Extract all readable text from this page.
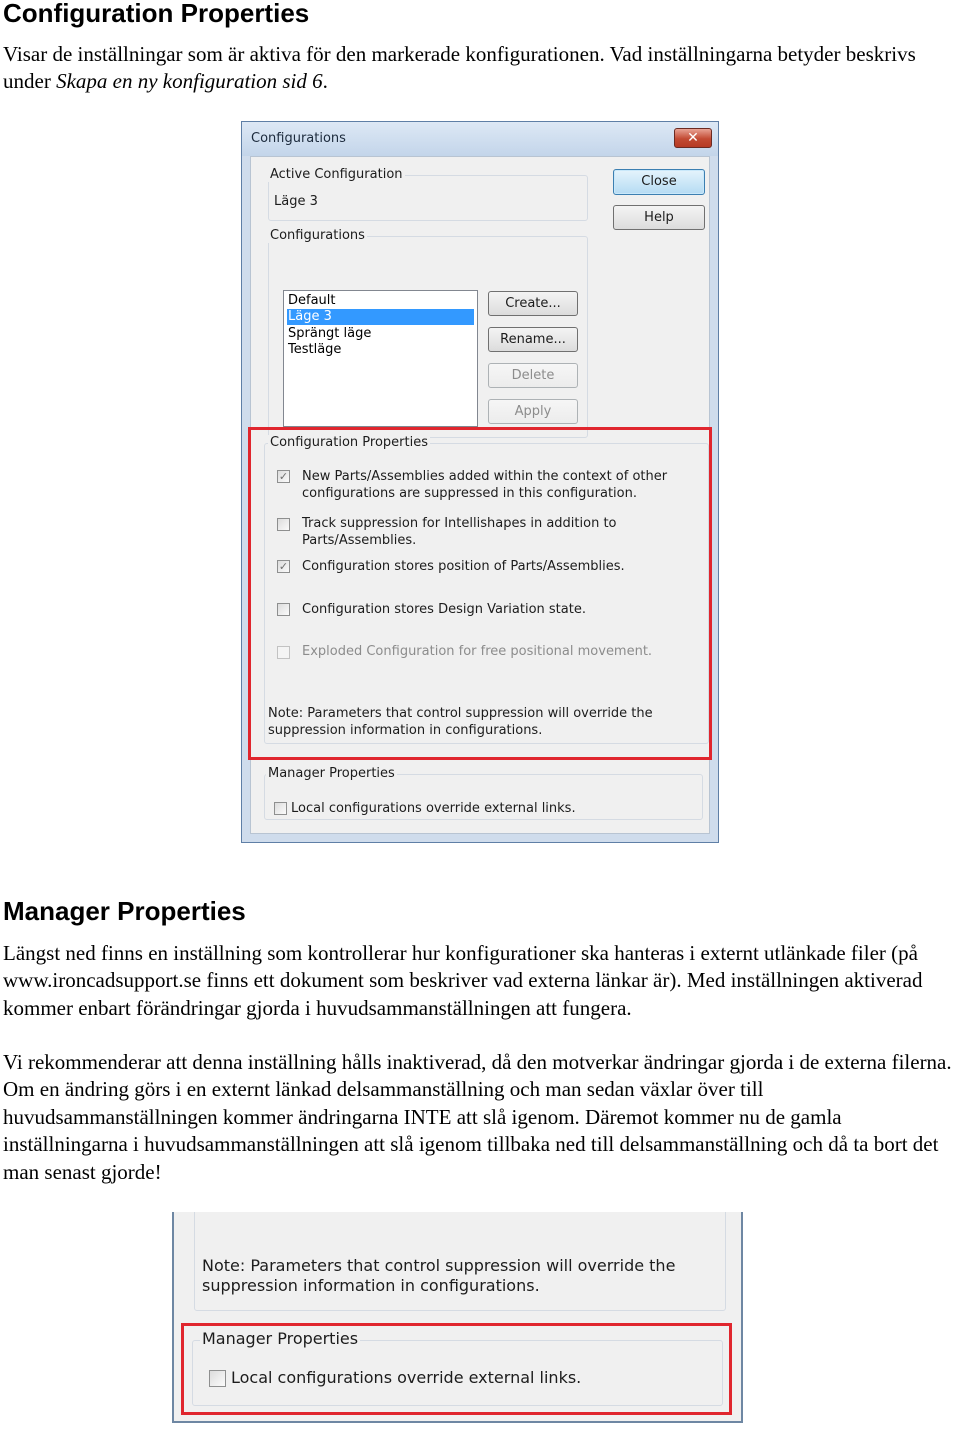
Configuration Properties

Visar de inställningar som är aktiva för den markerade konfigurationen. Vad inställningarna betyder beskrivs under Skapa en ny konfiguration sid 6.

Configurations	✕
Active Configuration
Läge 3
Close
Help
Configurations
Default
Läge 3
Sprängt läge
Testläge
Create...
Rename...
Delete
Apply
Configuration Properties
✓ New Parts/Assemblies added within the context of other
configurations are suppressed in this configuration.
Track suppression for Intellishapes in addition to
Parts/Assemblies.
✓ Configuration stores position of Parts/Assemblies.
Configuration stores Design Variation state.
Exploded Configuration for free positional movement.
Note: Parameters that control suppression will override the
suppression information in configurations.
Manager Properties
Local configurations override external links.
Manager Properties

Längst ned finns en inställning som kontrollerar hur konfigurationer ska hanteras i externt utlänkade filer (på www.ironcadsupport.se finns ett dokument som beskriver vad externa länkar är). Med inställningen aktiverad kommer enbart förändringar gjorda i huvudsammanställningen att fungera.

Vi rekommenderar att denna inställning hålls inaktiverad, då den motverkar ändringar gjorda i de externa filerna. Om en ändring görs i en externt länkad delsammanställning och man sedan växlar över till huvudsammanställningen kommer ändringarna INTE att slå igenom. Däremot kommer nu de gamla inställningarna i huvudsammanställningen att slå igenom tillbaka ned till delsammanställning och då ta bort det man senast gjorde!

Note: Parameters that control suppression will override the
suppression information in configurations.
Manager Properties
Local configurations override external links.
